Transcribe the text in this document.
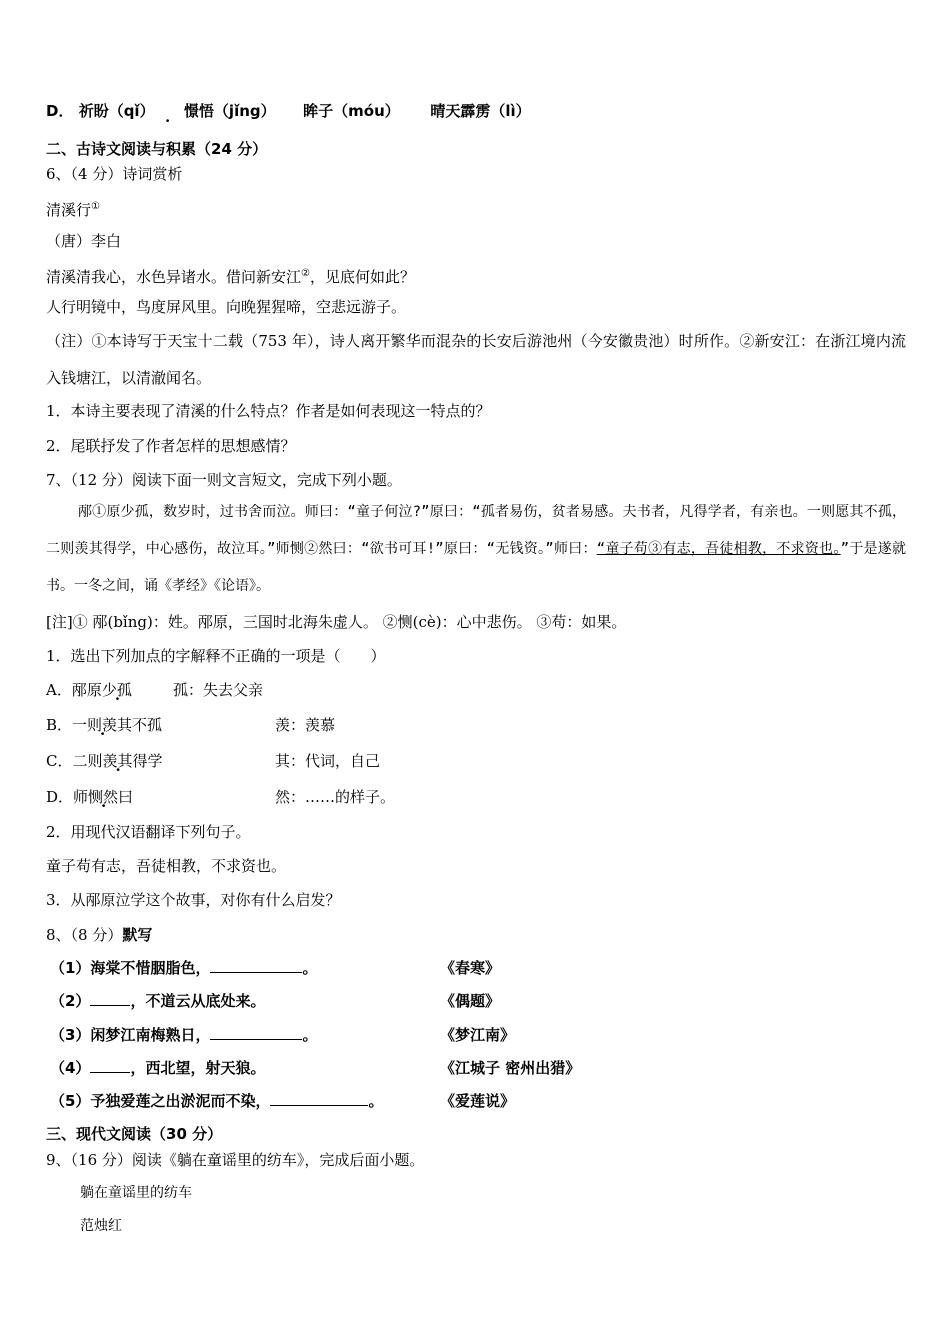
D． 祈盼（qǐ） 憬悟（jǐng） 眸子（móu） 晴天霹雳（lì）
·
二、古诗文阅读与积累（24 分）
6、（4 分）诗词赏析
清溪行①
（唐）李白
清溪清我心，水色异诸水。借问新安江②，见底何如此？
人行明镜中，鸟度屏风里。向晚猩猩啼，空悲远游子。
（注）①本诗写于天宝十二载（753 年），诗人离开繁华而混杂的长安后游池州（今安徽贵池）时所作。②新安江：在浙江境内流入钱塘江，以清澈闻名。
1．本诗主要表现了清溪的什么特点？作者是如何表现这一特点的？
2．尾联抒发了作者怎样的思想感情？
7、（12 分）阅读下面一则文言短文，完成下列小题。
邴①原少孤，数岁时，过书舍而泣。师曰：“童子何泣?”原曰：“孤者易伤，贫者易感。夫书者，凡得学者，有亲也。一则愿其不孤，二则羡其得学，中心感伤，故泣耳。”师恻②然曰：“欲书可耳!”原曰：“无钱资。”师曰：“童子苟③有志，吾徒相教，不求资也。”于是遂就书。一冬之间，诵《孝经》《论语》。
[注]① 邴(bǐng)：姓。邴原，三国时北海朱虚人。 ②恻(cè)：心中悲伤。 ③苟：如果。
1．选出下列加点的字解释不正确的一项是（　　）
A．邴原少孤	孤：失去父亲
B．一则羡其不孤	羡：羡慕
C．二则羡其得学	其：代词，自己
D．师恻然曰	然：……的样子。
2．用现代汉语翻译下列句子。
童子苟有志，吾徒相教，不求资也。
3．从邴原泣学这个故事，对你有什么启发？
8、（8 分）默写
（1）海棠不惜胭脂色，	。	《春寒》
（2）	，不道云从底处来。	《偶题》
（3）闲梦江南梅熟日，	。	《梦江南》
（4）	，西北望，射天狼。	《江城子 密州出猎》
（5）予独爱莲之出淤泥而不染，	。	《爱莲说》
三、现代文阅读（30 分）
9、（16 分）阅读《躺在童谣里的纺车》，完成后面小题。
躺在童谣里的纺车
范烛红
